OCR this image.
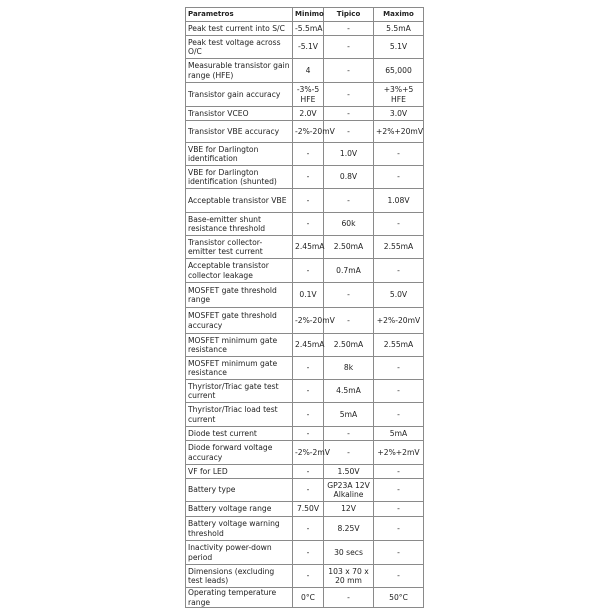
Parametros	Minimo	Tipico	Maximo
Peak test current into S/C	-5.5mA	-	5.5mA
Peak test voltage across O/C	-5.1V	-	5.1V
Measurable transistor gain range (HFE)	4	-	65,000
Transistor gain accuracy	-3%-5 HFE	-	+3%+5 HFE
Transistor VCEO	2.0V	-	3.0V
Transistor VBE accuracy	-2%-20mV	-	+2%+20mV
VBE for Darlington identification	-	1.0V	-
VBE for Darlington identification (shunted)	-	0.8V	-
Acceptable transistor VBE	-	-	1.08V
Base-emitter shunt resistance threshold	-	60k	-
Transistor collector-emitter test current	2.45mA	2.50mA	2.55mA
Acceptable transistor collector leakage	-	0.7mA	-
MOSFET gate threshold range	0.1V	-	5.0V
MOSFET gate threshold accuracy	-2%-20mV	-	+2%-20mV
MOSFET minimum gate resistance	2.45mA	2.50mA	2.55mA
MOSFET minimum gate resistance	-	8k	-
Thyristor/Triac gate test current	-	4.5mA	-
Thyristor/Triac load test current	-	5mA	-
Diode test current	-	-	5mA
Diode forward voltage accuracy	-2%-2mV	-	+2%+2mV
VF for LED	-	1.50V	-
Battery type	-	GP23A 12V Alkaline	-
Battery voltage range	7.50V	12V	-
Battery voltage warning threshold	-	8.25V	-
Inactivity power-down period	-	30 secs	-
Dimensions (excluding test leads)	-	103 x 70 x 20 mm	-
Operating temperature range	0°C	-	50°C
